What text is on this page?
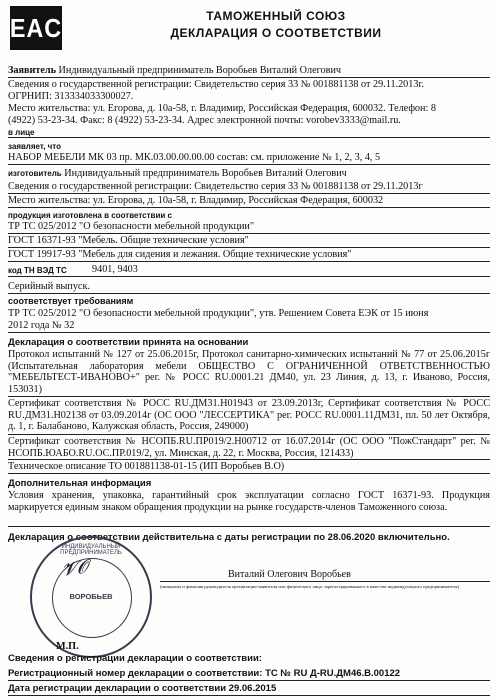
EAC	ТАМОЖЕННЫЙ СОЮЗ
ДЕКЛАРАЦИЯ О СООТВЕТСТВИИ
Заявитель Индивидуальный предприниматель Воробьев Виталий Олегович
Сведения о государственной регистрации: Свидетельство серия 33 № 001881138 от 29.11.2013г.
ОГРНИП: 313334033300027.
Место жительства: ул. Егорова, д. 10а-58, г. Владимир, Российская Федерация, 600032. Телефон: 8
(4922) 53-23-34. Факс: 8 (4922) 53-23-34. Адрес электронной почты: vorobev3333@mail.ru.
в лице
заявляет, что
НАБОР МЕБЕЛИ МК 03 пр. МК.03.00.00.00.00 состав: см. приложение № 1, 2, 3, 4, 5
изготовитель Индивидуальный предприниматель Воробьев Виталий Олегович
Сведения о государственной регистрации: Свидетельство серия 33 № 001881138 от 29.11.2013г
Место жительства: ул. Егорова, д. 10а-58, г. Владимир, Российская Федерация, 600032
продукция изготовлена в соответствии с
ТР ТС 025/2012 "О безопасности мебельной продукции"
ГОСТ 16371-93 "Мебель. Общие технические условия"
ГОСТ 19917-93 "Мебель для сидения и лежания. Общие технические условия"
код ТН ВЭД ТС 9401, 9403
Серийный выпуск.
соответствует требованиям
ТР ТС 025/2012 "О безопасности мебельной продукции", утв. Решением Совета ЕЭК от 15 июня
2012 года № 32
Декларация о соответствии принята на основании
Протокол испытаний № 127 от 25.06.2015г, Протокол санитарно-химических испытаний № 77 от 25.06.2015г (Испытательная лаборатория мебели ОБЩЕСТВО С ОГРАНИЧЕННОЙ ОТВЕТСТВЕННОСТЬЮ "МЕБЕЛЬТЕСТ-ИВАНОВО+" рег. № РОСС RU.0001.21 ДМ40, ул. 23 Линия, д. 13, г. Иваново, Россия, 153031)
Сертификат соответствия № РОСС RU.ДМ31.Н01943 от 23.09.2013г, Сертификат соответствия № РОСС RU.ДМ31.Н02138 от 03.09.2014г (ОС ООО "ЛЕССЕРТИКА" рег. РОСС RU.0001.11ДМ31, пл. 50 лет Октября, д. 1, г. Балабаново, Калужская область, Россия, 249000)
Сертификат соответствия № НСОПБ.RU.ПР019/2.Н00712 от 16.07.2014г (ОС ООО "ПожСтандарт" рег. № НСОПБ.ЮАБО.RU.ОС.ПР.019/2, ул. Минская, д. 22, г. Москва, Россия, 121433)
Техническое описание ТО 001881138-01-15 (ИП Воробьев В.О)
Дополнительная информация
Условия хранения, упаковка, гарантийный срок эксплуатации согласно ГОСТ 16371-93. Продукция маркируется единым знаком обращения продукции на рынке государств-членов Таможенного союза.
Декларация о соответствии действительна с даты регистрации по 28.06.2020 включительно.
ИНДИВИДУАЛЬНЫЙ ПРЕДПРИНИМАТЕЛЬ
ВОРОБЬЕВ
𝓥𝓞
М.П.
Виталий Олегович Воробьев
(инициалы и фамилия руководителя организации-заявителя или физического лица, зарегистрированного в качестве индивидуального предпринимателя)
Сведения о регистрации декларации о соответствии:
Регистрационный номер декларации о соответствии: ТС № RU Д-RU.ДМ46.В.00122
Дата регистрации декларации о соответствии 29.06.2015
